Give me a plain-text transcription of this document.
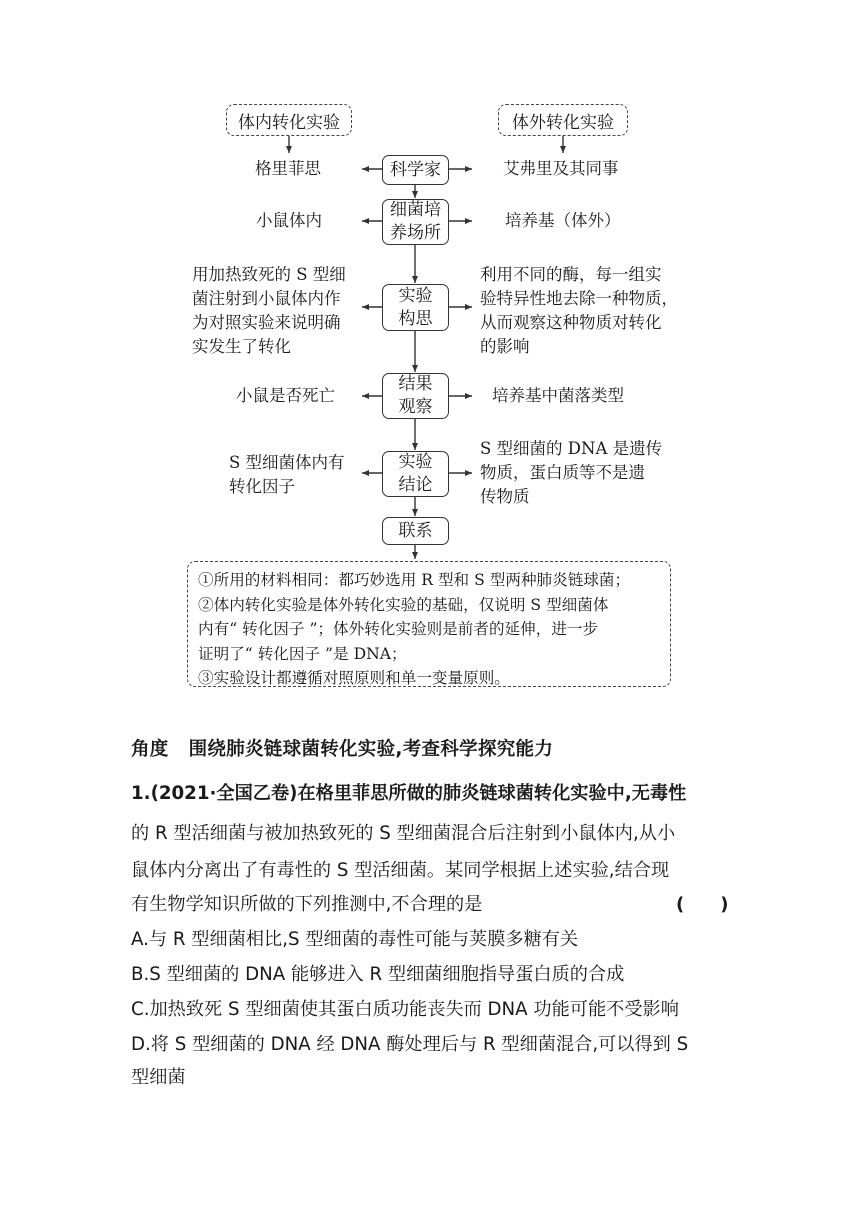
体内转化实验	体外转化实验
科学家
格里菲思	艾弗里及其同事
细菌培
养场所
小鼠体内	培养基（体外）
实验
构思
用加热致死的 S 型细
菌注射到小鼠体内作
为对照实验来说明确
实发生了转化
利用不同的酶，每一组实
验特异性地去除一种物质，
从而观察这种物质对转化
的影响
结果
观察
小鼠是否死亡	培养基中菌落类型
实验
结论
S 型细菌体内有
转化因子
S 型细菌的 DNA 是遗传
物质，蛋白质等不是遗
传物质
联系
①所用的材料相同：都巧妙选用 R 型和 S 型两种肺炎链球菌；
②体内转化实验是体外转化实验的基础，仅说明 S 型细菌体
内有“ 转化因子 ”；体外转化实验则是前者的延伸，进一步
证明了“ 转化因子 ”是 DNA；
③实验设计都遵循对照原则和单一变量原则。
角度 围绕肺炎链球菌转化实验,考查科学探究能力
1.(2021·全国乙卷)在格里菲思所做的肺炎链球菌转化实验中,无毒性
的 R 型活细菌与被加热致死的 S 型细菌混合后注射到小鼠体内,从小
鼠体内分离出了有毒性的 S 型活细菌。某同学根据上述实验,结合现
有生物学知识所做的下列推测中,不合理的是	(　　)
A.与 R 型细菌相比,S 型细菌的毒性可能与荚膜多糖有关
B.S 型细菌的 DNA 能够进入 R 型细菌细胞指导蛋白质的合成
C.加热致死 S 型细菌使其蛋白质功能丧失而 DNA 功能可能不受影响
D.将 S 型细菌的 DNA 经 DNA 酶处理后与 R 型细菌混合,可以得到 S
型细菌
